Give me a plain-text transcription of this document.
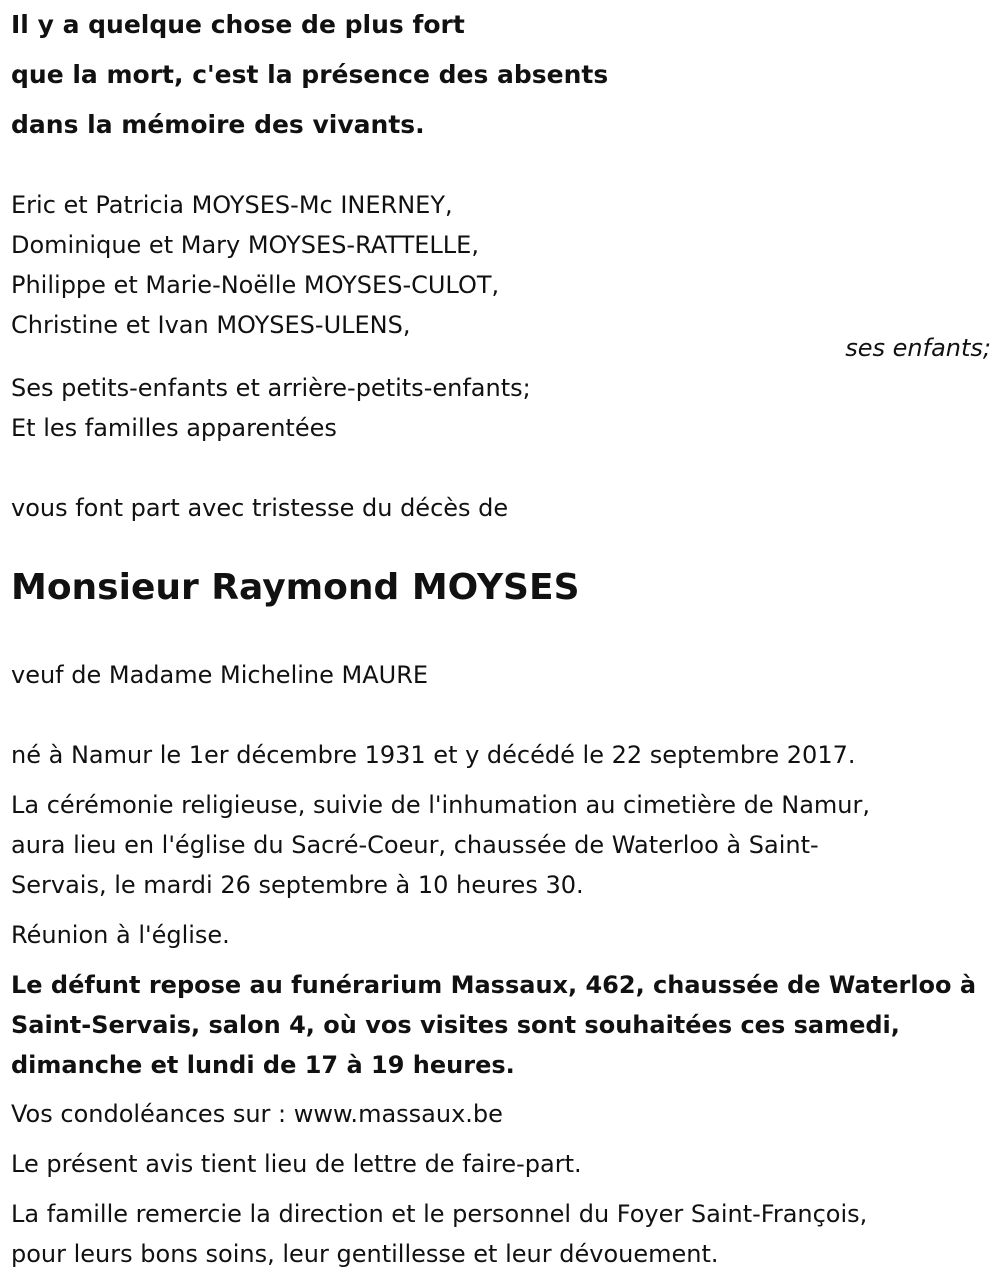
Il y a quelque chose de plus fort
que la mort, c'est la présence des absents
dans la mémoire des vivants.
Eric et Patricia MOYSES-Mc INERNEY,
Dominique et Mary MOYSES-RATTELLE,
Philippe et Marie-Noëlle MOYSES-CULOT,
Christine et Ivan MOYSES-ULENS,
ses enfants;
Ses petits-enfants et arrière-petits-enfants;
Et les familles apparentées
vous font part avec tristesse du décès de
Monsieur Raymond MOYSES
veuf de Madame Micheline MAURE
né à Namur le 1er décembre 1931 et y décédé le 22 septembre 2017.
La cérémonie religieuse, suivie de l'inhumation au cimetière de Namur,
aura lieu en l'église du Sacré-Coeur, chaussée de Waterloo à Saint-
Servais, le mardi 26 septembre à 10 heures 30.
Réunion à l'église.
Le défunt repose au funérarium Massaux, 462, chaussée de Waterloo à
Saint-Servais, salon 4, où vos visites sont souhaitées ces samedi,
dimanche et lundi de 17 à 19 heures.
Vos condoléances sur : www.massaux.be
Le présent avis tient lieu de lettre de faire-part.
La famille remercie la direction et le personnel du Foyer Saint-François,
pour leurs bons soins, leur gentillesse et leur dévouement.
